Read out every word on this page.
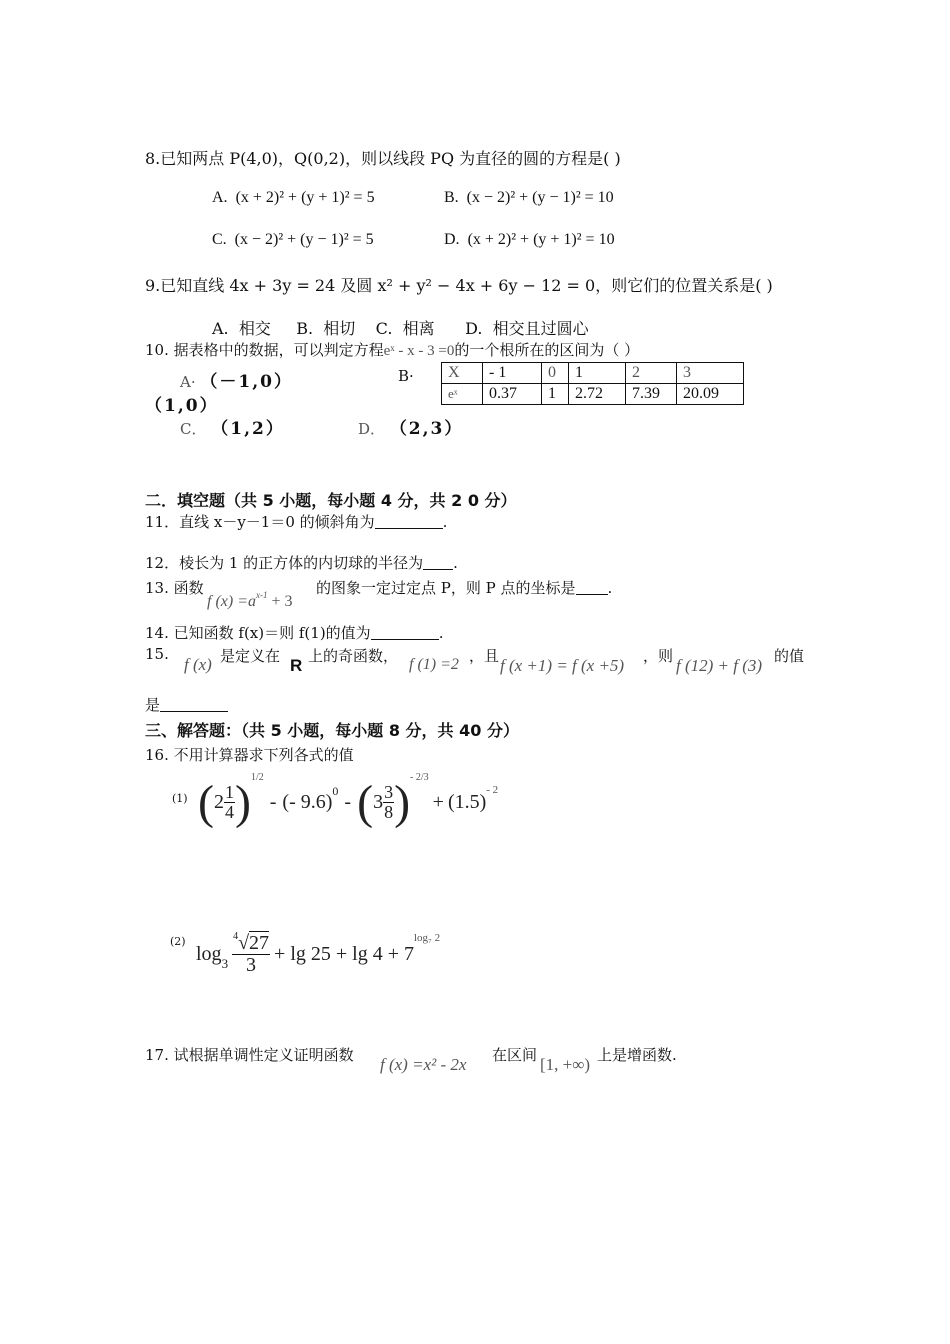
8.已知两点 P(4,0)，Q(0,2)，则以线段 PQ 为直径的圆的方程是( )
A. (x + 2)² + (y + 1)² = 5	B. (x − 2)² + (y − 1)² = 10
C. (x − 2)² + (y − 1)² = 5	D. (x + 2)² + (y + 1)² = 10
9.已知直线 4x + 3y = 24 及圆 x² + y² − 4x + 6y − 12 = 0，则它们的位置关系是( )
A. 相交 B. 相切 C. 相离 D. 相交且过圆心
10. 据表格中的数据，可以判定方程eˣ - x - 3 =0的一个根所在的区间为（ ）
A· （－1,0）	B·
（1,0）
C． （1,2）	D． （2,3）
X	- 1	0	1	2	3
eˣ	0.37	1	2.72	7.39	20.09
二．填空题（共 5 小题，每小题 4 分，共 2 0 分）
11．直线 x－y－1＝0 的倾斜角为	.
12．棱长为 1 的正方体的内切球的半径为 .
13. 函数
f $(x) =a^{x-1} + 3$
的图象一定过定点 P，则 P 点的坐标是 .
14. 已知函数 f(x)＝则 f(1)的值为	.
15.
f (x) 是定义在 R 上的奇函数， f (1) =2 ，且 f (x +1) = f (x +5) ，则 f (12) + f (3) 的值
是
三、解答题：（共 5 小题，每小题 8 分，共 40 分）
16. 不用计算器求下列各式的值
(1) ( $2 \frac{1}{4}$ ) 1/2
- (- 9.6) 0 - ( $3 \frac{3}{8}$ ) - 2/3
+ (1.5)
- 2
(2)
$\log 3 \frac{^4√27}{3} + \lg 25 + \lg 4 + 7$
log₇ 2
17. 试根据单调性定义证明函数 f (x) =x² - 2x 在区间 [1, +∞) 上是增函数.
